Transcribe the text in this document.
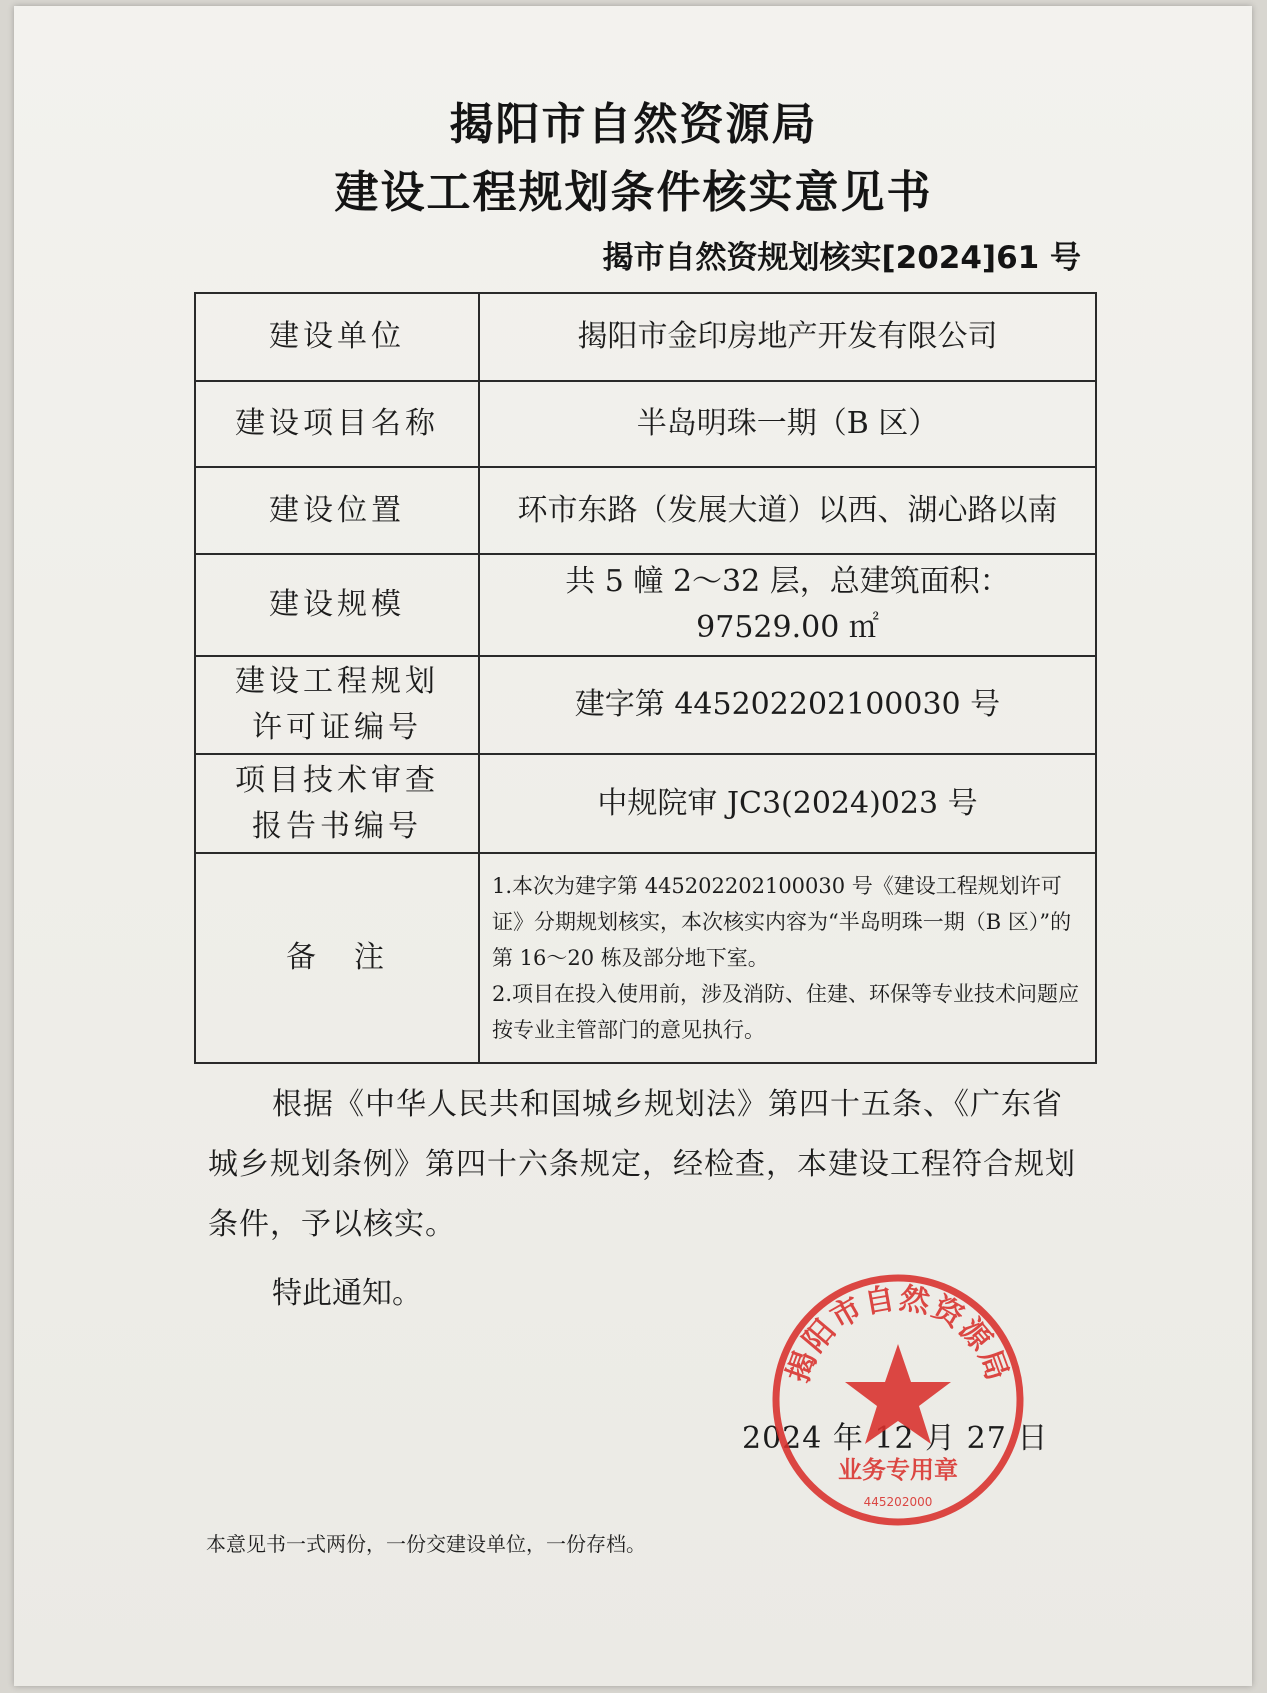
揭阳市自然资源局
建设工程规划条件核实意见书
揭市自然资规划核实[2024]61 号
建设单位	揭阳市金印房地产开发有限公司
建设项目名称	半岛明珠一期（B 区）
建设位置	环市东路（发展大道）以西、湖心路以南
建设规模	共 5 幢 2～32 层，总建筑面积：
97529.00 ㎡

建设工程规划
许可证编号	建字第 445202202100030 号

项目技术审查
报告书编号	中规院审 JC3(2024)023 号
备　注	1.本次为建字第 445202202100030 号《建设工程规划许可证》分期规划核实，本次核实内容为“半岛明珠一期（B 区）”的第 16～20 栋及部分地下室。

2.项目在投入使用前，涉及消防、住建、环保等专业技术问题应按专业主管部门的意见执行。

根据《中华人民共和国城乡规划法》第四十五条、《广东省城乡规划条例》第四十六条规定，经检查，本建设工程符合规划条件，予以核实。

特此通知。
2024 年 12 月 27 日
揭阳市自然资源局
业务专用章
445202000
本意见书一式两份，一份交建设单位，一份存档。
